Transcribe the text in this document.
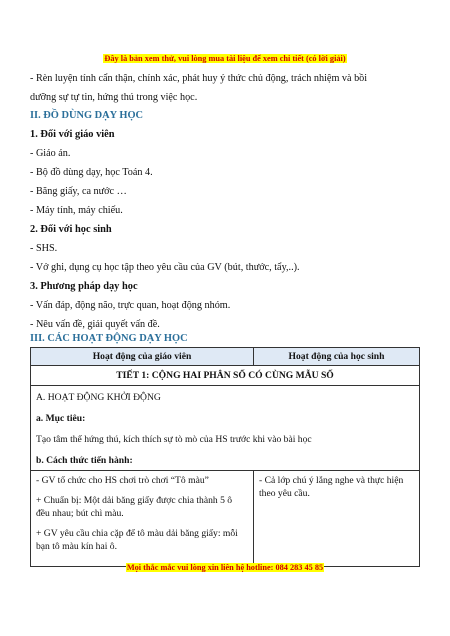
Đây là bản xem thử, vui lòng mua tài liệu để xem chi tiết (có lời giải)
- Rèn luyện tính cẩn thận, chính xác, phát huy ý thức chủ động, trách nhiệm và bồi
dưỡng sự tự tin, hứng thú trong việc học.
II. ĐỒ DÙNG DẠY HỌC
1. Đối với giáo viên
- Giáo án.
- Bộ đồ dùng dạy, học Toán 4.
- Băng giấy, ca nước …
- Máy tính, máy chiếu.
2. Đối với học sinh
- SHS.
- Vở ghi, dụng cụ học tập theo yêu cầu của GV (bút, thước, tẩy,..).
3. Phương pháp dạy học
- Vấn đáp, động não, trực quan, hoạt động nhóm.
- Nêu vấn đề, giải quyết vấn đề.
III. CÁC HOẠT ĐỘNG DẠY HỌC
Hoạt động của giáo viên	Hoạt động của học sinh
TIẾT 1: CỘNG HAI PHÂN SỐ CÓ CÙNG MẪU SỐ	

A. HOẠT ĐỘNG KHỞI ĐỘNG

a. Mục tiêu:

Tạo tâm thế hứng thú, kích thích sự tò mò của HS trước khi vào bài học

b. Cách thức tiến hành:	

- GV tổ chức cho HS chơi trò chơi “Tô màu”

+ Chuẩn bị: Một dải băng giấy được chia thành 5 ô đều nhau; bút chì màu.

+ GV yêu cầu chia cặp để tô màu dải băng giấy: mỗi bạn tô màu kín hai ô.	- Cả lớp chú ý lắng nghe và thực hiện theo yêu cầu.

Mọi thắc mắc vui lòng xin liên hệ hotline: 084 283 45 85
